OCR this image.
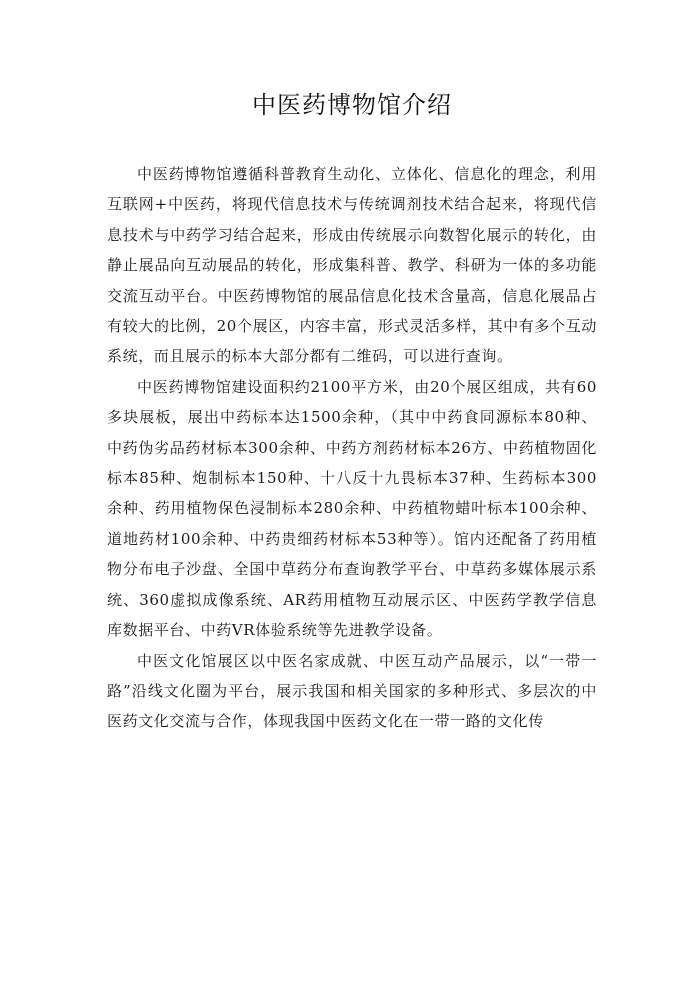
中医药博物馆介绍

中医药博物馆遵循科普教育生动化、立体化、信息化的理念，利用互联网+中医药，将现代信息技术与传统调剂技术结合起来，将现代信息技术与中药学习结合起来，形成由传统展示向数智化展示的转化，由静止展品向互动展品的转化，形成集科普、教学、科研为一体的多功能交流互动平台。中医药博物馆的展品信息化技术含量高，信息化展品占有较大的比例，20个展区，内容丰富，形式灵活多样，其中有多个互动系统，而且展示的标本大部分都有二维码，可以进行查询。

中医药博物馆建设面积约2100平方米，由20个展区组成，共有60多块展板，展出中药标本达1500余种，（其中中药食同源标本80种、中药伪劣品药材标本300余种、中药方剂药材标本26方、中药植物固化标本85种、炮制标本150种、十八反十九畏标本37种、生药标本300余种、药用植物保色浸制标本280余种、中药植物蜡叶标本100余种、道地药材100余种、中药贵细药材标本53种等）。馆内还配备了药用植物分布电子沙盘、全国中草药分布查询教学平台、中草药多媒体展示系统、360虚拟成像系统、AR药用植物互动展示区、中医药学教学信息库数据平台、中药VR体验系统等先进教学设备。

中医文化馆展区以中医名家成就、中医互动产品展示，以“一带一路”沿线文化圈为平台，展示我国和相关国家的多种形式、多层次的中医药文化交流与合作，体现我国中医药文化在一带一路的文化传
